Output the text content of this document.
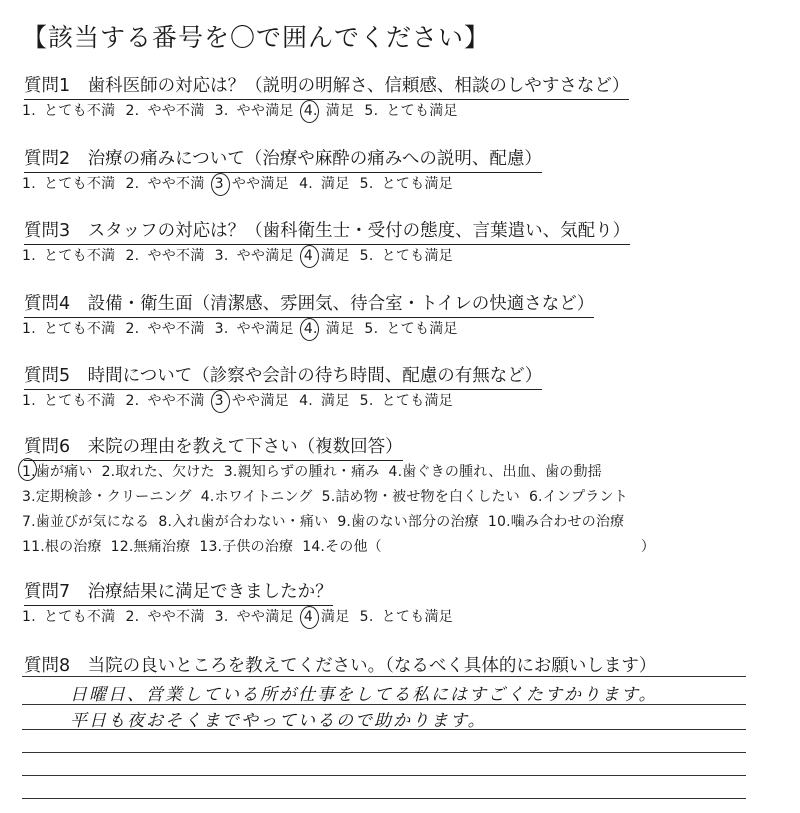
【該当する番号を〇で囲んでください】
質問1　歯科医師の対応は？（説明の明解さ、信頼感、相談のしやすさなど）
1. とても不満 2. やや不満 3. やや満足 4. 満足 5. とても満足
質問2　治療の痛みについて（治療や麻酔の痛みへの説明、配慮）
1. とても不満 2. やや不満 3 やや満足 4. 満足 5. とても満足
質問3　スタッフの対応は？（歯科衛生士・受付の態度、言葉遣い、気配り）
1. とても不満 2. やや不満 3. やや満足 4 満足 5. とても満足
質問4　設備・衛生面（清潔感、雰囲気、待合室・トイレの快適さなど）
1. とても不満 2. やや不満 3. やや満足 4. 満足 5. とても満足
質問5　時間について（診察や会計の待ち時間、配慮の有無など）
1. とても不満 2. やや不満 3 やや満足 4. 満足 5. とても満足
質問6　来院の理由を教えて下さい（複数回答）
1.歯が痛い 2.取れた、欠けた 3.親知らずの腫れ・痛み 4.歯ぐきの腫れ、出血、歯の動揺
3.定期検診・クリーニング 4.ホワイトニング 5.詰め物・被せ物を白くしたい 6.インプラント
7.歯並びが気になる 8.入れ歯が合わない・痛い 9.歯のない部分の治療 10.噛み合わせの治療
11.根の治療 12.無痛治療 13.子供の治療 14.その他（	）
質問7　治療結果に満足できましたか？
1. とても不満 2. やや不満 3. やや満足 4 満足 5. とても満足
質問8　当院の良いところを教えてください。（なるべく具体的にお願いします）
日曜日、営業している所が仕事をしてる私にはすごくたすかります。
平日も夜おそくまでやっているので助かります。
